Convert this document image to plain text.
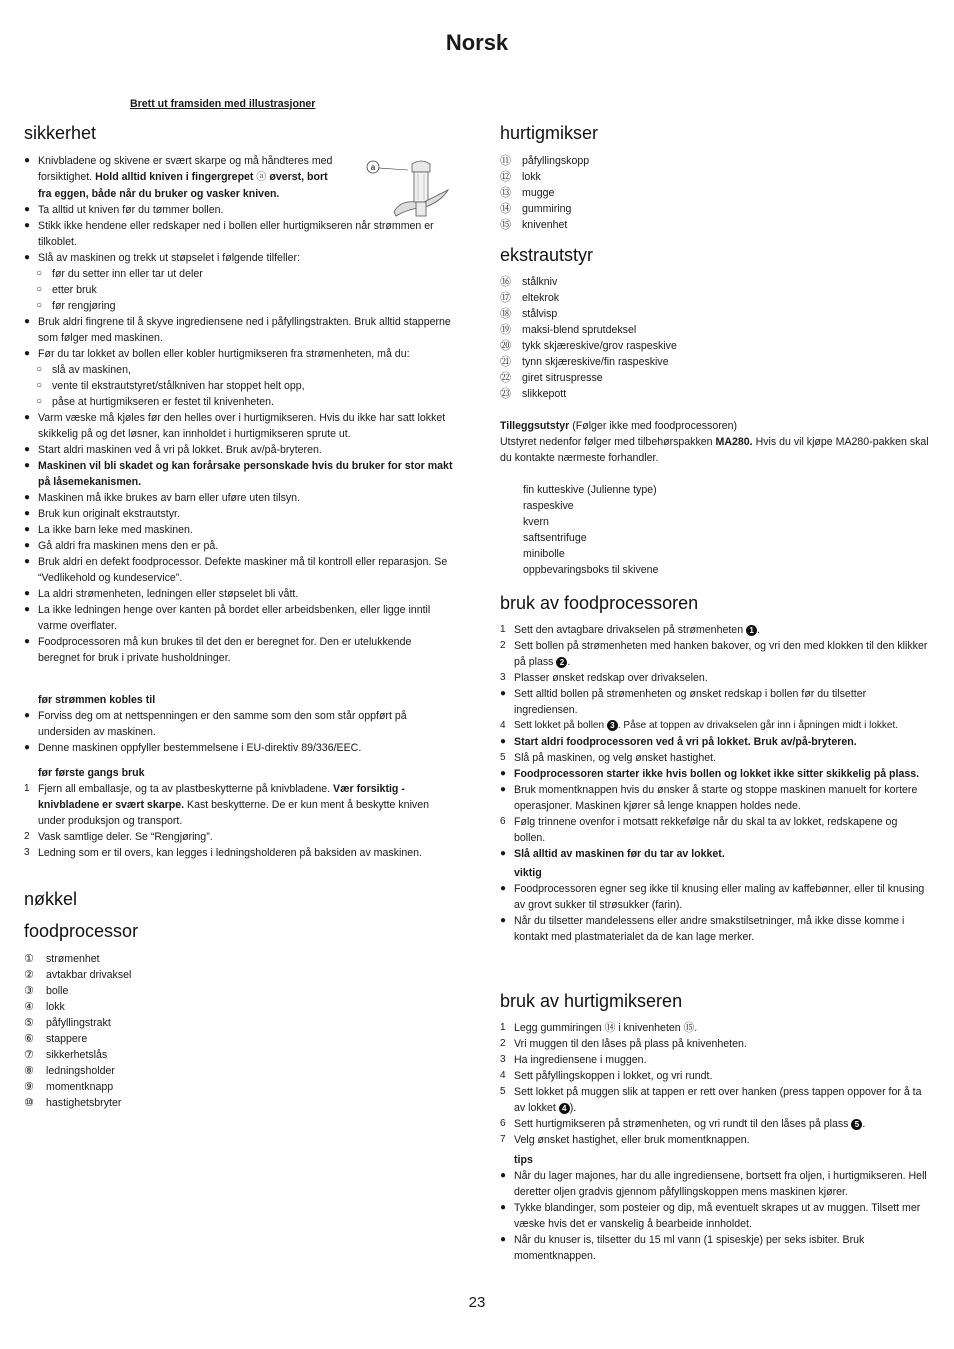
Norsk
Brett ut framsiden med illustrasjoner
sikkerhet
● Knivbladene og skivene er svært skarpe og må håndteres med forsiktighet. Hold alltid kniven i fingergrepet ⓐ øverst, bort fra eggen, både når du bruker og vasker kniven.
● Ta alltid ut kniven før du tømmer bollen.
● Stikk ikke hendene eller redskaper ned i bollen eller hurtigmikseren når strømmen er tilkoblet.
● Slå av maskinen og trekk ut støpselet i følgende tilfeller:
○ før du setter inn eller tar ut deler
○ etter bruk
○ før rengjøring
● Bruk aldri fingrene til å skyve ingrediensene ned i påfyllingstrakten. Bruk alltid stapperne som følger med maskinen.
● Før du tar lokket av bollen eller kobler hurtigmikseren fra strømenheten, må du:
○ slå av maskinen,
○ vente til ekstrautstyret/stålkniven har stoppet helt opp,
○ påse at hurtigmikseren er festet til knivenheten.
● Varm væske må kjøles før den helles over i hurtigmikseren. Hvis du ikke har satt lokket skikkelig på og det løsner, kan innholdet i hurtigmikseren sprute ut.
● Start aldri maskinen ved å vri på lokket. Bruk av/på-bryteren.
● Maskinen vil bli skadet og kan forårsake personskade hvis du bruker for stor makt på låsemekanismen.
● Maskinen må ikke brukes av barn eller uføre uten tilsyn.
● Bruk kun originalt ekstrautstyr.
● La ikke barn leke med maskinen.
● Gå aldri fra maskinen mens den er på.
● Bruk aldri en defekt foodprocessor. Defekte maskiner må til kontroll eller reparasjon. Se “Vedlikehold og kundeservice”.
● La aldri strømenheten, ledningen eller støpselet bli vått.
● La ikke ledningen henge over kanten på bordet eller arbeidsbenken, eller ligge inntil varme overflater.
● Foodprocessoren må kun brukes til det den er beregnet for. Den er utelukkende beregnet for bruk i private husholdninger.
før strømmen kobles til
● Forviss deg om at nettspenningen er den samme som den som står oppført på undersiden av maskinen.
● Denne maskinen oppfyller bestemmelsene i EU-direktiv 89/336/EEC.
før første gangs bruk
1 Fjern all emballasje, og ta av plastbeskytterne på knivbladene. Vær forsiktig - knivbladene er svært skarpe. Kast beskytterne. De er kun ment å beskytte kniven under produksjon og transport.
2 Vask samtlige deler. Se “Rengjøring”.
3 Ledning som er til overs, kan legges i ledningsholderen på baksiden av maskinen.
nøkkel
foodprocessor
① strømenhet
② avtakbar drivaksel
③ bolle
④ lokk
⑤ påfyllingstrakt
⑥ stappere
⑦ sikkerhetslås
⑧ ledningsholder
⑨ momentknapp
⑩ hastighetsbryter
a
hurtigmikser
⑪ påfyllingskopp
⑫ lokk
⑬ mugge
⑭ gummiring
⑮ knivenhet
ekstrautstyr
⑯ stålkniv
⑰ eltekrok
⑱ stålvisp
⑲ maksi-blend sprutdeksel
⑳ tykk skjæreskive/grov raspeskive
㉑ tynn skjæreskive/fin raspeskive
㉒ giret sitruspresse
㉓ slikkepott

Tilleggsutstyr (Følger ikke med foodprocessoren)

Utstyret nedenfor følger med tilbehørspakken MA280. Hvis du vil kjøpe MA280-pakken skal du kontakte nærmeste forhandler.

fin kutteskive (Julienne type)
raspeskive
kvern
saftsentrifuge
minibolle
oppbevaringsboks til skivene
bruk av foodprocessoren
1 Sett den avtagbare drivakselen på strømenheten 1 .
2 Sett bollen på strømenheten med hanken bakover, og vri den med klokken til den klikker på plass 2 .
3 Plasser ønsket redskap over drivakselen.
● Sett alltid bollen på strømenheten og ønsket redskap i bollen før du tilsetter ingrediensen.
4 Sett lokket på bollen 3 . Påse at toppen av drivakselen går inn i åpningen midt i lokket.
● Start aldri foodprocessoren ved å vri på lokket. Bruk av/på-bryteren.
5 Slå på maskinen, og velg ønsket hastighet.
● Foodprocessoren starter ikke hvis bollen og lokket ikke sitter skikkelig på plass.
● Bruk momentknappen hvis du ønsker å starte og stoppe maskinen manuelt for kortere operasjoner. Maskinen kjører så lenge knappen holdes nede.
6 Følg trinnene ovenfor i motsatt rekkefølge når du skal ta av lokket, redskapene og bollen.
● Slå alltid av maskinen før du tar av lokket.
viktig
● Foodprocessoren egner seg ikke til knusing eller maling av kaffebønner, eller til knusing av grovt sukker til strøsukker (farin).
● Når du tilsetter mandelessens eller andre smakstilsetninger, må ikke disse komme i kontakt med plastmaterialet da de kan lage merker.
bruk av hurtigmikseren
1 Legg gummiringen ⑭ i knivenheten ⑮.
2 Vri muggen til den låses på plass på knivenheten.
3 Ha ingrediensene i muggen.
4 Sett påfyllingskoppen i lokket, og vri rundt.
5 Sett lokket på muggen slik at tappen er rett over hanken (press tappen oppover for å ta av lokket 4 ).
6 Sett hurtigmikseren på strømenheten, og vri rundt til den låses på plass 5 .
7 Velg ønsket hastighet, eller bruk momentknappen.
tips
● Når du lager majones, har du alle ingrediensene, bortsett fra oljen, i hurtigmikseren. Hell deretter oljen gradvis gjennom påfyllingskoppen mens maskinen kjører.
● Tykke blandinger, som posteier og dip, må eventuelt skrapes ut av muggen. Tilsett mer væske hvis det er vanskelig å bearbeide innholdet.
● Når du knuser is, tilsetter du 15 ml vann (1 spiseskje) per seks isbiter. Bruk momentknappen.
23
